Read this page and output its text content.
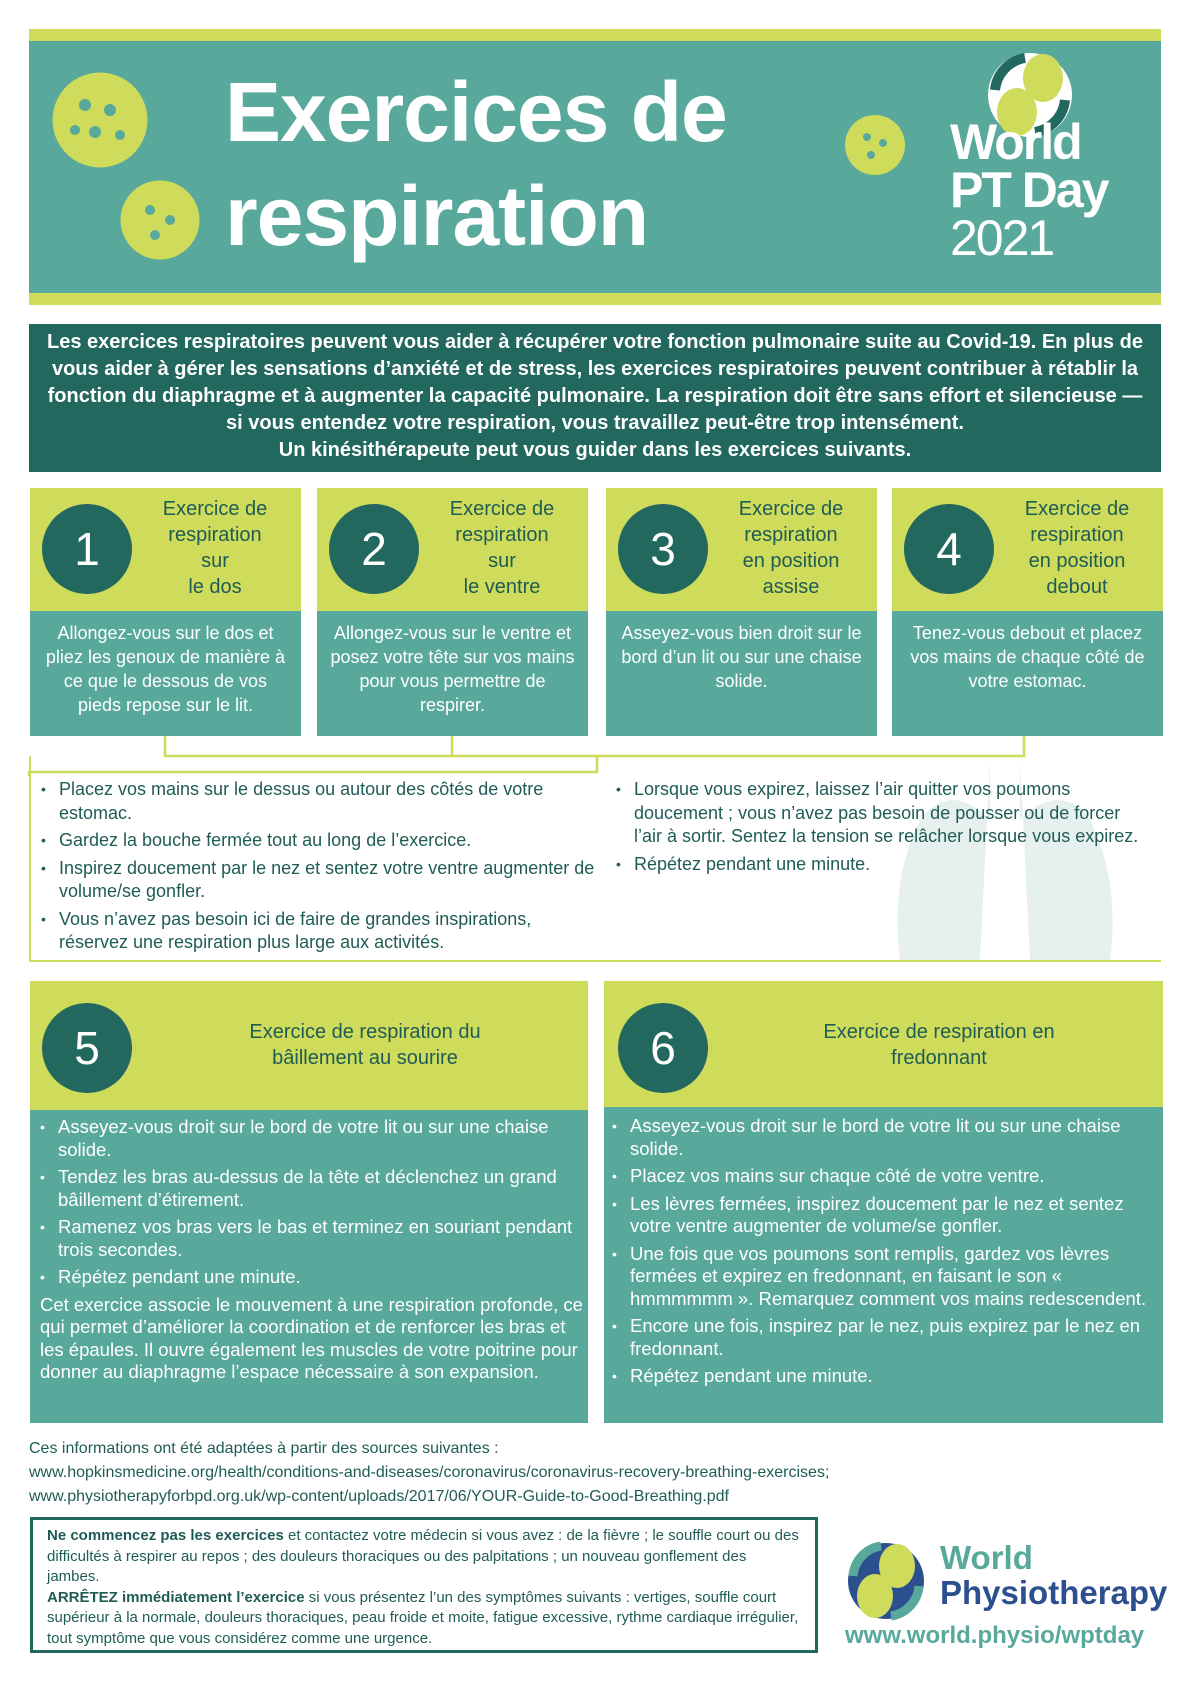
Exercices de
respiration
World
PT Day
2021
Les exercices respiratoires peuvent vous aider à récupérer votre fonction pulmonaire suite au Covid-19. En plus de vous aider à gérer les sensations d’anxiété et de stress, les exercices respiratoires peuvent contribuer à rétablir la fonction du diaphragme et à augmenter la capacité pulmonaire. La respiration doit être sans effort et silencieuse — si vous entendez votre respiration, vous travaillez peut-être trop intensément.
Un kinésithérapeute peut vous guider dans les exercices suivants.
1
Exercice de
respiration
sur
le dos
Allongez-vous sur le dos et pliez les genoux de manière à ce que le dessous de vos pieds repose sur le lit.
2
Exercice de
respiration
sur
le ventre
Allongez-vous sur le ventre et posez votre tête sur vos mains pour vous permettre de respirer.
3
Exercice de
respiration
en position
assise
Asseyez-vous bien droit sur le bord d’un lit ou sur une chaise solide.
4
Exercice de
respiration
en position
debout
Tenez-vous debout et placez vos mains de chaque côté de votre estomac.
• Placez vos mains sur le dessus ou autour des côtés de votre estomac.
• Gardez la bouche fermée tout au long de l’exercice.
• Inspirez doucement par le nez et sentez votre ventre augmenter de volume/se gonfler.
• Vous n’avez pas besoin ici de faire de grandes inspirations, réservez une respiration plus large aux activités.
• Lorsque vous expirez, laissez l’air quitter vos poumons doucement ; vous n’avez pas besoin de pousser ou de forcer l’air à sortir. Sentez la tension se relâcher lorsque vous expirez.
• Répétez pendant une minute.
5	Exercice de respiration du
bâillement au sourire
• Asseyez-vous droit sur le bord de votre lit ou sur une chaise solide.
• Tendez les bras au-dessus de la tête et déclenchez un grand bâillement d’étirement.
• Ramenez vos bras vers le bas et terminez en souriant pendant trois secondes.
• Répétez pendant une minute.
Cet exercice associe le mouvement à une respiration profonde, ce qui permet d’améliorer la coordination et de renforcer les bras et les épaules. Il ouvre également les muscles de votre poitrine pour donner au diaphragme l’espace nécessaire à son expansion.
6	Exercice de respiration en
fredonnant
• Asseyez-vous droit sur le bord de votre lit ou sur une chaise solide.
• Placez vos mains sur chaque côté de votre ventre.
• Les lèvres fermées, inspirez doucement par le nez et sentez votre ventre augmenter de volume/se gonfler.
• Une fois que vos poumons sont remplis, gardez vos lèvres fermées et expirez en fredonnant, en faisant le son « hmmmmmm ». Remarquez comment vos mains redescendent.
• Encore une fois, inspirez par le nez, puis expirez par le nez en fredonnant.
• Répétez pendant une minute.
Ces informations ont été adaptées à partir des sources suivantes :
www.hopkinsmedicine.org/health/conditions-and-diseases/coronavirus/coronavirus-recovery-breathing-exercises;
www.physiotherapyforbpd.org.uk/wp-content/uploads/2017/06/YOUR-Guide-to-Good-Breathing.pdf

Ne commencez pas les exercices et contactez votre médecin si vous avez : de la fièvre ; le souffle court ou des difficultés à respirer au repos ; des douleurs thoraciques ou des palpitations ; un nouveau gonflement des jambes.

ARRÊTEZ immédiatement l’exercice si vous présentez l’un des symptômes suivants : vertiges, souffle court supérieur à la normale, douleurs thoraciques, peau froide et moite, fatigue excessive, rythme cardiaque irrégulier, tout symptôme que vous considérez comme une urgence.

World
Physiotherapy
www.world.physio/wptday
